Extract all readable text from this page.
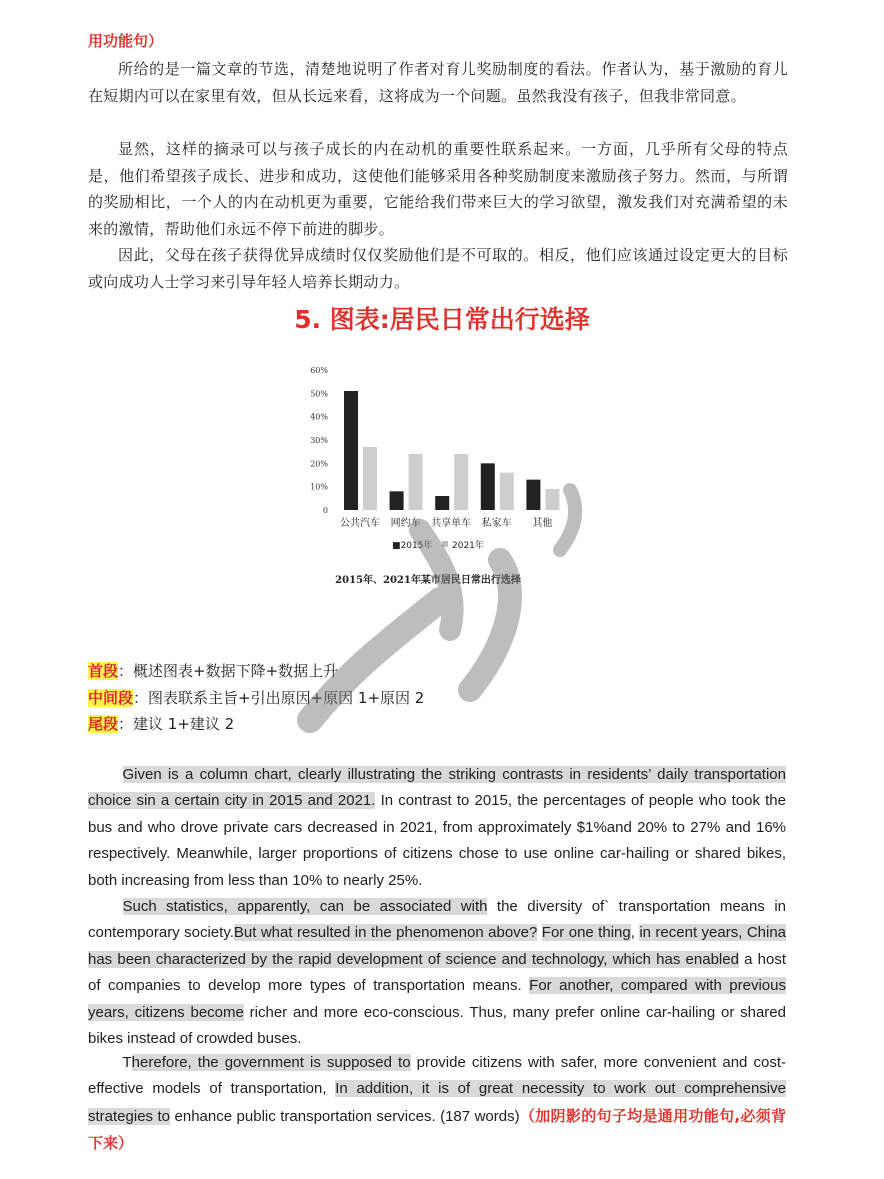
用功能句）

所给的是一篇文章的节选，清楚地说明了作者对育儿奖励制度的看法。作者认为，基于激励的育儿在短期内可以在家里有效，但从长远来看，这将成为一个问题。虽然我没有孩子，但我非常同意。

显然，这样的摘录可以与孩子成长的内在动机的重要性联系起来。一方面，几乎所有父母的特点是，他们希望孩子成长、进步和成功，这使他们能够采用各种奖励制度来激励孩子努力。然而，与所谓的奖励相比，一个人的内在动机更为重要，它能给我们带来巨大的学习欲望，激发我们对充满希望的未来的激情，帮助他们永远不停下前进的脚步。

因此，父母在孩子获得优异成绩时仅仅奖励他们是不可取的。相反，他们应该通过设定更大的目标或向成功人士学习来引导年轻人培养长期动力。

5. 图表:居民日常出行选择
0
10%
20%
30%
40%
50%
60%
公共汽车 网约车 共享单车 私家车 其他
■2015年 2021年
2015年、2021年某市居民日常出行选择
首段：概述图表+数据下降+数据上升
中间段：图表联系主旨+引出原因+原因 1+原因 2
尾段：建议 1+建议 2

Given is a column chart, clearly illustrating the striking contrasts in residents’ daily transportation choice sin a certain city in 2015 and 2021. In contrast to 2015, the percentages of people who took the bus and who drove private cars decreased in 2021, from approximately $1%and 20% to 27% and 16% respectively. Meanwhile, larger proportions of citizens chose to use online car-hailing or shared bikes, both increasing from less than 10% to nearly 25%.

Such statistics, apparently, can be associated with the diversity of` transportation means in contemporary society.But what resulted in the phenomenon above? For one thing, in recent years, China has been characterized by the rapid development of science and technology, which has enabled a host of companies to develop more types of transportation means. For another, compared with previous years, citizens become richer and more eco-conscious. Thus, many prefer online car-hailing or shared bikes instead of crowded buses.

Therefore, the government is supposed to provide citizens with safer, more convenient and cost-effective models of transportation, In addition, it is of great necessity to work out comprehensive strategies to enhance public transportation services. (187 words)（加阴影的句子均是通用功能句,必须背下来）
